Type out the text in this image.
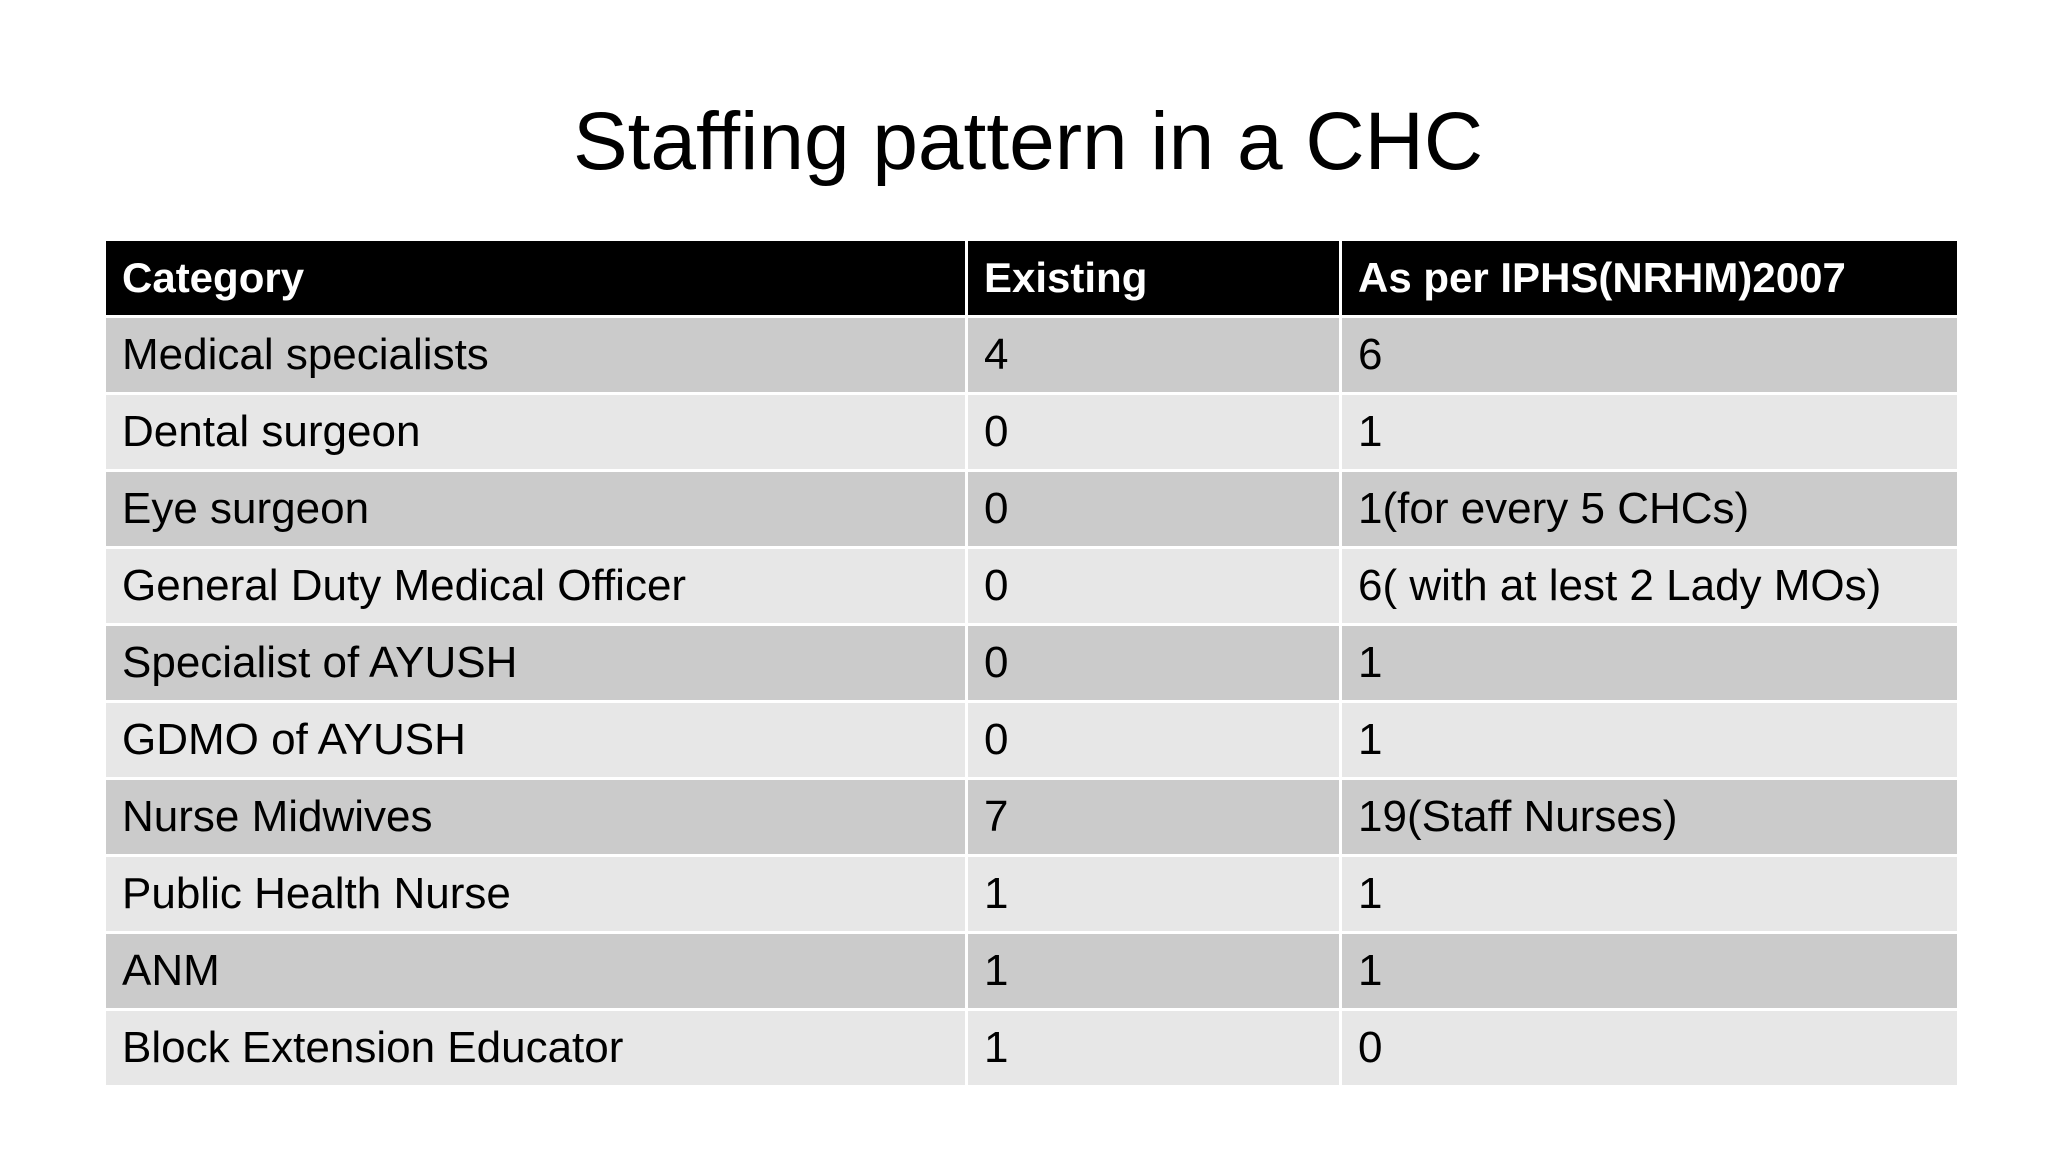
Staffing pattern in a CHC
Category	Existing	As per IPHS(NRHM)2007
Medical specialists	4	6
Dental surgeon	0	1
Eye surgeon	0	1(for every 5 CHCs)
General Duty Medical Officer	0	6( with at lest 2 Lady MOs)
Specialist of AYUSH	0	1
GDMO of AYUSH	0	1
Nurse Midwives	7	19(Staff Nurses)
Public Health Nurse	1	1
ANM	1	1
Block Extension Educator	1	0
